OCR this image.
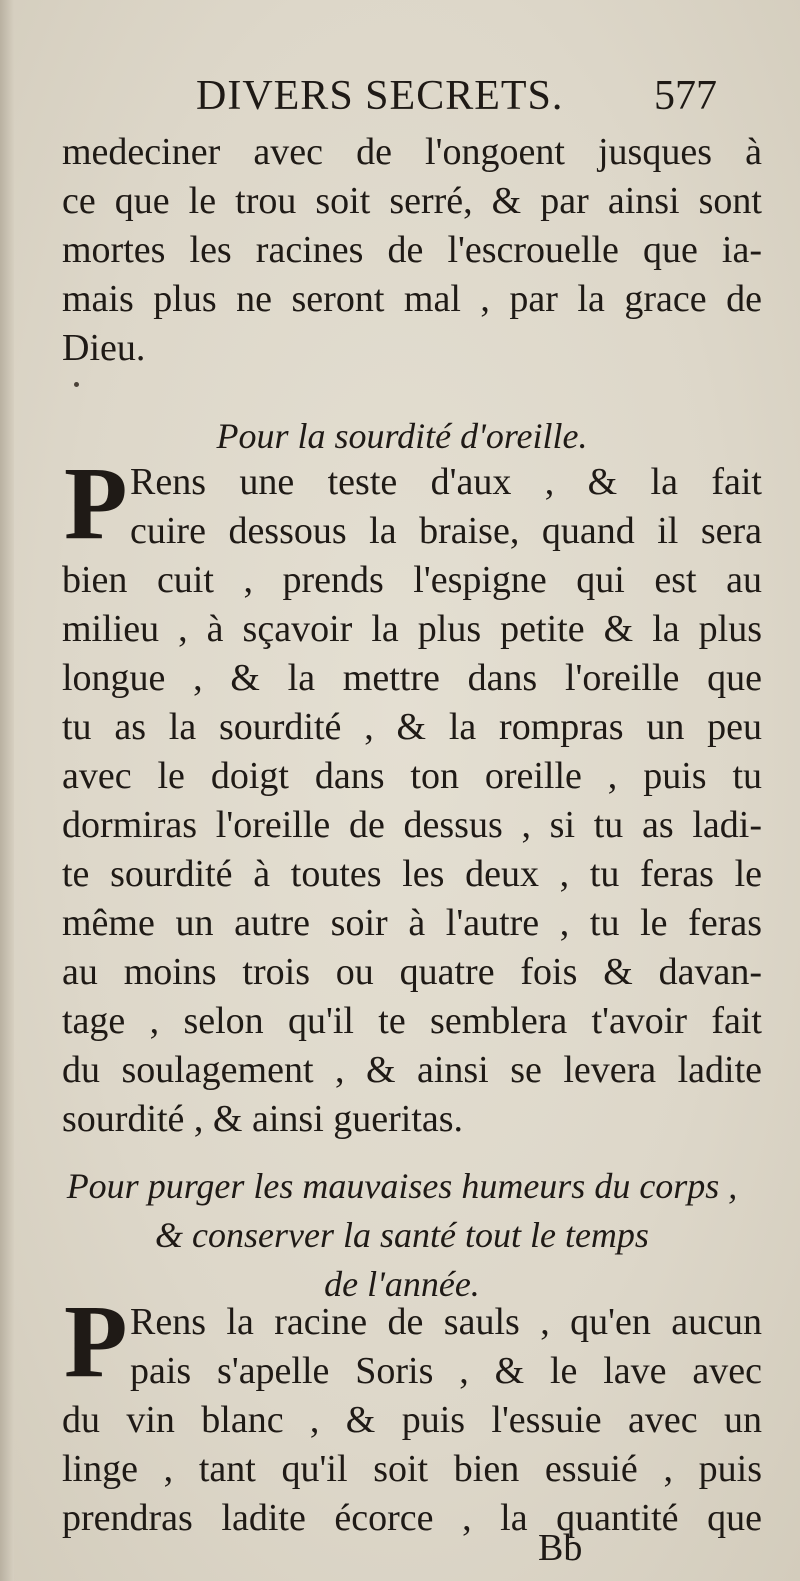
DIVERS SECRETS. 577
medeciner avec de l'ongoent jusques à
ce que le trou soit serré, & par ainsi sont
mortes les racines de l'escrouelle que ia-
mais plus ne seront mal , par la grace de
Dieu.
Pour la sourdité d'oreille.
P Rens une teste d'aux , & la fait
cuire dessous la braise, quand il sera
bien cuit , prends l'espigne qui est au
milieu , à sçavoir la plus petite & la plus
longue , & la mettre dans l'oreille que
tu as la sourdité , & la rompras un peu
avec le doigt dans ton oreille , puis tu
dormiras l'oreille de dessus , si tu as ladi-
te sourdité à toutes les deux , tu feras le
même un autre soir à l'autre , tu le feras
au moins trois ou quatre fois & davan-
tage , selon qu'il te semblera t'avoir fait
du soulagement , & ainsi se levera ladite
sourdité , & ainsi gueritas.
Pour purger les mauvaises humeurs du corps ,
& conserver la santé tout le temps
de l'année.
P Rens la racine de sauls , qu'en aucun
pais s'apelle Soris , & le lave avec
du vin blanc , & puis l'essuie avec un
linge , tant qu'il soit bien essuié , puis
prendras ladite écorce , la quantité que
Bb
